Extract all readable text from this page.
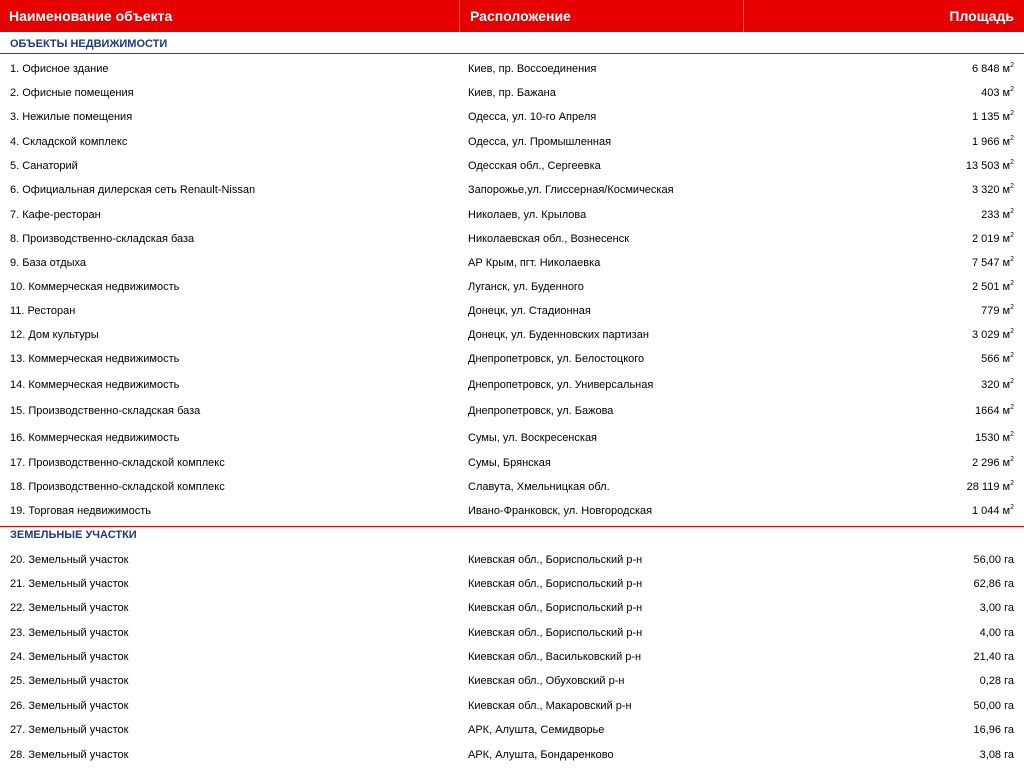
Наименование объекта	Расположение	Площадь
ОБЪЕКТЫ НЕДВИЖИМОСТИ
1. Офисное здание	Киев, пр. Воссоединения	6 848 $м^2$
2. Офисные помещения	Киев, пр. Бажана	403 $м^2$
3. Нежилые помещения	Одесса, ул. 10-го Апреля	1 135 $м^2$
4. Складской комплекс	Одесса, ул. Промышленная	1 966 $м^2$
5. Санаторий	Одесская обл., Сергеевка	13 503 $м^2$
6. Официальная дилерская сеть Renault-Nissan	Запорожье,ул. Глиссерная/Космическая	3 320 $м^2$
7. Кафе-ресторан	Николаев, ул. Крылова	233 $м^2$
8. Производственно-складская база	Николаевская обл., Вознесенск	2 019 $м^2$
9. База отдыха	АР Крым, пгт. Николаевка	7 547 $м^2$
10. Коммерческая недвижимость	Луганск, ул. Буденного	2 501 $м^2$
11. Ресторан	Донецк, ул. Стадионная	779 $м^2$
12. Дом культуры	Донецк, ул. Буденновских партизан	3 029 $м^2$
13. Коммерческая недвижимость	Днепропетровск, ул. Белостоцкого	566 $м^2$
14. Коммерческая недвижимость	Днепропетровск, ул. Универсальная	320 $м^2$
15. Производственно-складская база	Днепропетровск, ул. Бажова	1664 $м^2$
16. Коммерческая недвижимость	Сумы, ул. Воскресенская	1530 $м^2$
17. Производственно-складской комплекс	Сумы, Брянская	2 296 $м^2$
18. Производственно-складской комплекс	Славута, Хмельницкая обл.	28 119 $м^2$
19. Торговая недвижимость	Ивано-Франковск, ул. Новгородская	1 044 $м^2$
ЗЕМЕЛЬНЫЕ УЧАСТКИ
20. Земельный участок	Киевская обл., Бориспольский р-н	56,00 га
21. Земельный участок	Киевская обл., Бориспольский р-н	62,86 га
22. Земельный участок	Киевская обл., Бориспольский р-н	3,00 га
23. Земельный участок	Киевская обл., Бориспольский р-н	4,00 га
24. Земельный участок	Киевская обл., Васильковский р-н	21,40 га
25. Земельный участок	Киевская обл., Обуховский р-н	0,28 га
26. Земельный участок	Киевская обл., Макаровский р-н	50,00 га
27. Земельный участок	АРК, Алушта, Семидворье	16,96 га
28. Земельный участок	АРК, Алушта, Бондаренково	3,08 га
